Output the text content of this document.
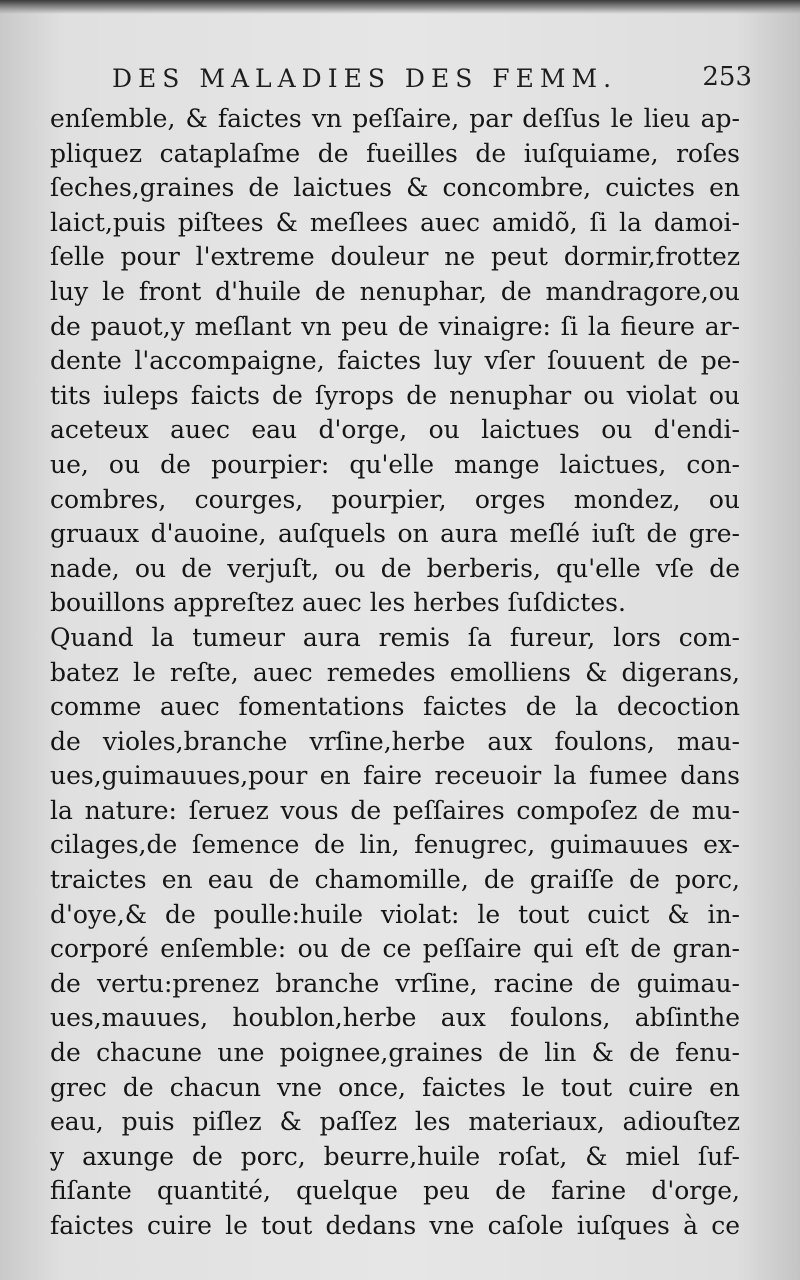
DES MALADIES DES FEMM.	253
enſemble, & faictes vn peſſaire, par deſſus le lieu ap-
pliquez cataplaſme de fueilles de iuſquiame, roſes
ſeches,graines de laictues & concombre, cuictes en
laict,puis piſtees & meſlees auec amidõ, ſi la damoi-
ſelle pour l'extreme douleur ne peut dormir,frottez
luy le front d'huile de nenuphar, de mandragore,ou
de pauot,y meſlant vn peu de vinaigre: ſi la fieure ar-
dente l'accompaigne, faictes luy vſer ſouuent de pe-
tits iuleps faicts de ſyrops de nenuphar ou violat ou
aceteux auec eau d'orge, ou laictues ou d'endi-
ue, ou de pourpier: qu'elle mange laictues, con-
combres, courges, pourpier, orges mondez, ou
gruaux d'auoine, auſquels on aura meſlé iuſt de gre-
nade, ou de verjuſt, ou de berberis, qu'elle vſe de
bouillons appreſtez auec les herbes ſuſdictes.
Quand la tumeur aura remis ſa fureur, lors com-
batez le reſte, auec remedes emolliens & digerans,
comme auec fomentations faictes de la decoction
de violes,branche vrſine,herbe aux foulons, mau-
ues,guimauues,pour en faire receuoir la fumee dans
la nature: ſeruez vous de peſſaires compoſez de mu-
cilages,de ſemence de lin, fenugrec, guimauues ex-
traictes en eau de chamomille, de graiſſe de porc,
d'oye,& de poulle:huile violat: le tout cuict & in-
corporé enſemble: ou de ce peſſaire qui eſt de gran-
de vertu:prenez branche vrſine, racine de guimau-
ues,mauues, houblon,herbe aux foulons, abſinthe
de chacune une poignee,graines de lin & de fenu-
grec de chacun vne once, faictes le tout cuire en
eau, puis piſlez & paſſez les materiaux, adiouſtez
y axunge de porc, beurre,huile roſat, & miel ſuf-
fiſante quantité, quelque peu de farine d'orge,
faictes cuire le tout dedans vne caſole iuſques à ce
